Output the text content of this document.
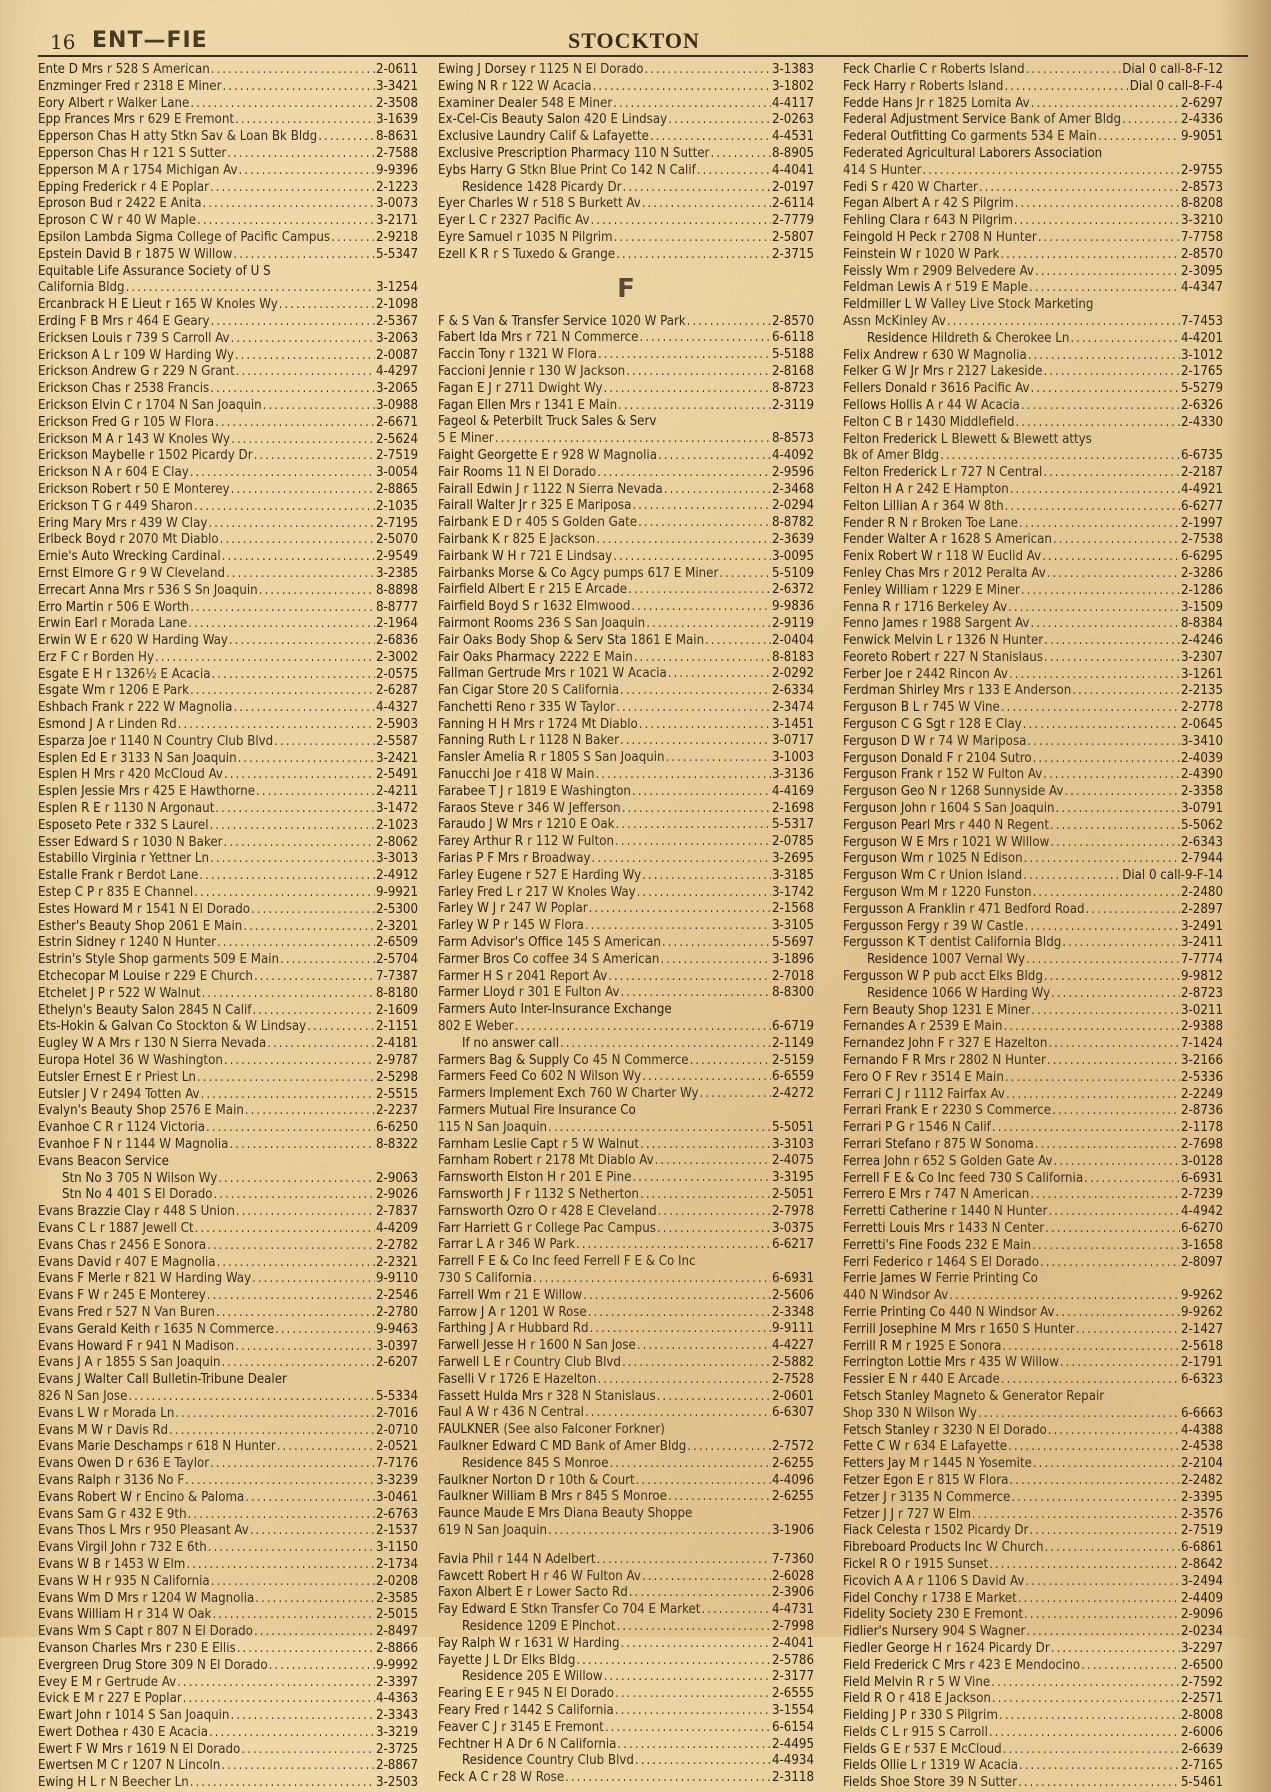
16 ENT—FIE	STOCKTON
Ente D Mrs r 528 S American .....	2-0611
Enzminger Fred r 2318 E Miner .....	3-3421
Eory Albert r Walker Lane .....	2-3508
Epp Frances Mrs r 629 E Fremont .....	3-1639
Epperson Chas H atty Stkn Sav & Loan Bk Bldg .....	8-8631
Epperson Chas H r 121 S Sutter .....	2-7588
Epperson M A r 1754 Michigan Av .....	9-9396
Epping Frederick r 4 E Poplar .....	2-1223
Eproson Bud r 2422 E Anita .....	3-0073
Eproson C W r 40 W Maple .....	3-2171
Epsilon Lambda Sigma College of Pacific Campus .....	2-9218
Epstein David B r 1875 W Willow .....	5-5347
Equitable Life Assurance Society of U S
California Bldg .....	3-1254
Ercanbrack H E Lieut r 165 W Knoles Wy .....	2-1098
Erding F B Mrs r 464 E Geary .....	2-5367
Ericksen Louis r 739 S Carroll Av .....	3-2063
Erickson A L r 109 W Harding Wy .....	2-0087
Erickson Andrew G r 229 N Grant .....	4-4297
Erickson Chas r 2538 Francis .....	3-2065
Erickson Elvin C r 1704 N San Joaquin .....	3-0988
Erickson Fred G r 105 W Flora .....	2-6671
Erickson M A r 143 W Knoles Wy .....	2-5624
Erickson Maybelle r 1502 Picardy Dr .....	2-7519
Erickson N A r 604 E Clay .....	3-0054
Erickson Robert r 50 E Monterey .....	2-8865
Erickson T G r 449 Sharon .....	2-1035
Ering Mary Mrs r 439 W Clay .....	2-7195
Erlbeck Boyd r 2070 Mt Diablo .....	2-5070
Ernie's Auto Wrecking Cardinal .....	2-9549
Ernst Elmore G r 9 W Cleveland .....	3-2385
Errecart Anna Mrs r 536 S Sn Joaquin .....	8-8898
Erro Martin r 506 E Worth .....	8-8777
Erwin Earl r Morada Lane .....	2-1964
Erwin W E r 620 W Harding Way .....	2-6836
Erz F C r Borden Hy .....	2-3002
Esgate E H r 1326½ E Acacia .....	2-0575
Esgate Wm r 1206 E Park .....	2-6287
Eshbach Frank r 222 W Magnolia .....	4-4327
Esmond J A r Linden Rd .....	2-5903
Esparza Joe r 1140 N Country Club Blvd .....	2-5587
Esplen Ed E r 3133 N San Joaquin .....	3-2421
Esplen H Mrs r 420 McCloud Av .....	2-5491
Esplen Jessie Mrs r 425 E Hawthorne .....	2-4211
Esplen R E r 1130 N Argonaut .....	3-1472
Esposeto Pete r 332 S Laurel .....	2-1023
Esser Edward S r 1030 N Baker .....	2-8062
Estabillo Virginia r Yettner Ln .....	3-3013
Estalle Frank r Berdot Lane .....	2-4912
Estep C P r 835 E Channel .....	9-9921
Estes Howard M r 1541 N El Dorado .....	2-5300
Esther's Beauty Shop 2061 E Main .....	2-3201
Estrin Sidney r 1240 N Hunter .....	2-6509
Estrin's Style Shop garments 509 E Main .....	2-5704
Etchecopar M Louise r 229 E Church .....	7-7387
Etchelet J P r 522 W Walnut .....	8-8180
Ethelyn's Beauty Salon 2845 N Calif .....	2-1609
Ets-Hokin & Galvan Co Stockton & W Lindsay .....	2-1151
Eugley W A Mrs r 130 N Sierra Nevada .....	2-4181
Europa Hotel 36 W Washington .....	2-9787
Eutsler Ernest E r Priest Ln .....	2-5298
Eutsler J V r 2494 Totten Av .....	2-5515
Evalyn's Beauty Shop 2576 E Main .....	2-2237
Evanhoe C R r 1124 Victoria .....	6-6250
Evanhoe F N r 1144 W Magnolia .....	8-8322
Evans Beacon Service
Stn No 3 705 N Wilson Wy .....	2-9063
Stn No 4 401 S El Dorado .....	2-9026
Evans Brazzie Clay r 448 S Union .....	2-7837
Evans C L r 1887 Jewell Ct .....	4-4209
Evans Chas r 2456 E Sonora .....	2-2782
Evans David r 407 E Magnolia .....	2-2321
Evans F Merle r 821 W Harding Way .....	9-9110
Evans F W r 245 E Monterey .....	2-2546
Evans Fred r 527 N Van Buren .....	2-2780
Evans Gerald Keith r 1635 N Commerce .....	9-9463
Evans Howard F r 941 N Madison .....	3-0397
Evans J A r 1855 S San Joaquin .....	2-6207
Evans J Walter Call Bulletin-Tribune Dealer
826 N San Jose .....	5-5334
Evans L W r Morada Ln .....	2-7016
Evans M W r Davis Rd .....	2-0710
Evans Marie Deschamps r 618 N Hunter .....	2-0521
Evans Owen D r 636 E Taylor .....	7-7176
Evans Ralph r 3136 No F .....	3-3239
Evans Robert W r Encino & Paloma .....	3-0461
Evans Sam G r 432 E 9th .....	2-6763
Evans Thos L Mrs r 950 Pleasant Av .....	2-1537
Evans Virgil John r 732 E 6th .....	3-1150
Evans W B r 1453 W Elm .....	2-1734
Evans W H r 935 N California .....	2-0208
Evans Wm D Mrs r 1204 W Magnolia .....	2-3585
Evans William H r 314 W Oak .....	2-5015
Evans Wm S Capt r 807 N El Dorado .....	2-8497
Evanson Charles Mrs r 230 E Ellis .....	2-8866
Evergreen Drug Store 309 N El Dorado .....	9-9992
Evey E M r Gertrude Av .....	2-3397
Evick E M r 227 E Poplar .....	4-4363
Ewart John r 1014 S San Joaquin .....	2-3343
Ewert Dothea r 430 E Acacia .....	3-3219
Ewert F W Mrs r 1619 N El Dorado .....	2-3725
Ewertsen M C r 1207 N Lincoln .....	2-8867
Ewing H L r N Beecher Ln .....	3-2503
Ewing J Dorsey r 1125 N El Dorado .....	3-1383
Ewing N R r 122 W Acacia .....	3-1802
Examiner Dealer 548 E Miner .....	4-4117
Ex-Cel-Cis Beauty Salon 420 E Lindsay .....	2-0263
Exclusive Laundry Calif & Lafayette .....	4-4531
Exclusive Prescription Pharmacy 110 N Sutter .....	8-8905
Eybs Harry G Stkn Blue Print Co 142 N Calif .....	4-4041
Residence 1428 Picardy Dr .....	2-0197
Eyer Charles W r 518 S Burkett Av .....	2-6114
Eyer L C r 2327 Pacific Av .....	2-7779
Eyre Samuel r 1035 N Pilgrim .....	2-5807
Ezell K R r S Tuxedo & Grange .....	2-3715
F
F & S Van & Transfer Service 1020 W Park .....	2-8570
Fabert Ida Mrs r 721 N Commerce .....	6-6118
Faccin Tony r 1321 W Flora .....	5-5188
Faccioni Jennie r 130 W Jackson .....	2-8168
Fagan E J r 2711 Dwight Wy .....	8-8723
Fagan Ellen Mrs r 1341 E Main .....	2-3119
Fageol & Peterbilt Truck Sales & Serv
5 E Miner .....	8-8573
Faight Georgette E r 928 W Magnolia .....	4-4092
Fair Rooms 11 N El Dorado .....	2-9596
Fairall Edwin J r 1122 N Sierra Nevada .....	2-3468
Fairall Walter Jr r 325 E Mariposa .....	2-0294
Fairbank E D r 405 S Golden Gate .....	8-8782
Fairbank K r 825 E Jackson .....	2-3639
Fairbank W H r 721 E Lindsay .....	3-0095
Fairbanks Morse & Co Agcy pumps 617 E Miner .....	5-5109
Fairfield Albert E r 215 E Arcade .....	2-6372
Fairfield Boyd S r 1632 Elmwood .....	9-9836
Fairmont Rooms 236 S San Joaquin .....	2-9119
Fair Oaks Body Shop & Serv Sta 1861 E Main .....	2-0404
Fair Oaks Pharmacy 2222 E Main .....	8-8183
Fallman Gertrude Mrs r 1021 W Acacia .....	2-0292
Fan Cigar Store 20 S California .....	2-6334
Fanchetti Reno r 335 W Taylor .....	2-3474
Fanning H H Mrs r 1724 Mt Diablo .....	3-1451
Fanning Ruth L r 1128 N Baker .....	3-0717
Fansler Amelia R r 1805 S San Joaquin .....	3-1003
Fanucchi Joe r 418 W Main .....	3-3136
Farabee T J r 1819 E Washington .....	4-4169
Faraos Steve r 346 W Jefferson .....	2-1698
Faraudo J W Mrs r 1210 E Oak .....	5-5317
Farey Arthur R r 112 W Fulton .....	2-0785
Farias P F Mrs r Broadway .....	3-2695
Farley Eugene r 527 E Harding Wy .....	3-3185
Farley Fred L r 217 W Knoles Way .....	3-1742
Farley W J r 247 W Poplar .....	2-1568
Farley W P r 145 W Flora .....	3-3105
Farm Advisor's Office 145 S American .....	5-5697
Farmer Bros Co coffee 34 S American .....	3-1896
Farmer H S r 2041 Report Av .....	2-7018
Farmer Lloyd r 301 E Fulton Av .....	8-8300
Farmers Auto Inter-Insurance Exchange
802 E Weber .....	6-6719
If no answer call .....	2-1149
Farmers Bag & Supply Co 45 N Commerce .....	2-5159
Farmers Feed Co 602 N Wilson Wy .....	6-6559
Farmers Implement Exch 760 W Charter Wy .....	2-4272
Farmers Mutual Fire Insurance Co
115 N San Joaquin .....	5-5051
Farnham Leslie Capt r 5 W Walnut .....	3-3103
Farnham Robert r 2178 Mt Diablo Av .....	2-4075
Farnsworth Elston H r 201 E Pine .....	3-3195
Farnsworth J F r 1132 S Netherton .....	2-5051
Farnsworth Ozro O r 428 E Cleveland .....	2-7978
Farr Harriett G r College Pac Campus .....	3-0375
Farrar L A r 346 W Park .....	6-6217
Farrell F E & Co Inc feed Ferrell F E & Co Inc
730 S California .....	6-6931
Farrell Wm r 21 E Willow .....	2-5606
Farrow J A r 1201 W Rose .....	2-3348
Farthing J A r Hubbard Rd .....	9-9111
Farwell Jesse H r 1600 N San Jose .....	4-4227
Farwell L E r Country Club Blvd .....	2-5882
Faselli V r 1726 E Hazelton .....	2-7528
Fassett Hulda Mrs r 328 N Stanislaus .....	2-0601
Faul A W r 436 N Central .....	6-6307
FAULKNER (See also Falconer Forkner)
Faulkner Edward C MD Bank of Amer Bldg .....	2-7572
Residence 845 S Monroe .....	2-6255
Faulkner Norton D r 10th & Court .....	4-4096
Faulkner William B Mrs r 845 S Monroe .....	2-6255
Faunce Maude E Mrs Diana Beauty Shoppe
619 N San Joaquin .....	3-1906
Favia Phil r 144 N Adelbert .....	7-7360
Fawcett Robert H r 46 W Fulton Av .....	2-6028
Faxon Albert E r Lower Sacto Rd .....	2-3906
Fay Edward E Stkn Transfer Co 704 E Market .....	4-4731
Residence 1209 E Pinchot .....	2-7998
Fay Ralph W r 1631 W Harding .....	2-4041
Fayette J L Dr Elks Bldg .....	2-5786
Residence 205 E Willow .....	2-3177
Fearing E E r 945 N El Dorado .....	2-6555
Feary Fred r 1442 S California .....	3-1554
Feaver C J r 3145 E Fremont .....	6-6154
Fechtner H A Dr 6 N California .....	2-4495
Residence Country Club Blvd .....	4-4934
Feck A C r 28 W Rose .....	2-3118
Feck Charlie C r Roberts Island .....	Dial 0 call-8-F-12
Feck Harry r Roberts Island .....	Dial 0 call-8-F-4
Fedde Hans Jr r 1825 Lomita Av .....	2-6297
Federal Adjustment Service Bank of Amer Bldg .....	2-4336
Federal Outfitting Co garments 534 E Main .....	9-9051
Federated Agricultural Laborers Association
414 S Hunter .....	2-9755
Fedi S r 420 W Charter .....	2-8573
Fegan Albert A r 42 S Pilgrim .....	8-8208
Fehling Clara r 643 N Pilgrim .....	3-3210
Feingold H Peck r 2708 N Hunter .....	7-7758
Feinstein W r 1020 W Park .....	2-8570
Feissly Wm r 2909 Belvedere Av .....	2-3095
Feldman Lewis A r 519 E Maple .....	4-4347
Feldmiller L W Valley Live Stock Marketing
Assn McKinley Av .....	7-7453
Residence Hildreth & Cherokee Ln .....	4-4201
Felix Andrew r 630 W Magnolia .....	3-1012
Felker G W Jr Mrs r 2127 Lakeside .....	2-1765
Fellers Donald r 3616 Pacific Av .....	5-5279
Fellows Hollis A r 44 W Acacia .....	2-6326
Felton C B r 1430 Middlefield .....	2-4330
Felton Frederick L Blewett & Blewett attys
Bk of Amer Bldg .....	6-6735
Felton Frederick L r 727 N Central .....	2-2187
Felton H A r 242 E Hampton .....	4-4921
Felton Lillian A r 364 W 8th .....	6-6277
Fender R N r Broken Toe Lane .....	2-1997
Fender Walter A r 1628 S American .....	2-7538
Fenix Robert W r 118 W Euclid Av .....	6-6295
Fenley Chas Mrs r 2012 Peralta Av .....	2-3286
Fenley William r 1229 E Miner .....	2-1286
Fenna R r 1716 Berkeley Av .....	3-1509
Fenno James r 1988 Sargent Av .....	8-8384
Fenwick Melvin L r 1326 N Hunter .....	2-4246
Feoreto Robert r 227 N Stanislaus .....	3-2307
Ferber Joe r 2442 Rincon Av .....	3-1261
Ferdman Shirley Mrs r 133 E Anderson .....	2-2135
Ferguson B L r 745 W Vine .....	2-2778
Ferguson C G Sgt r 128 E Clay .....	2-0645
Ferguson D W r 74 W Mariposa .....	3-3410
Ferguson Donald F r 2104 Sutro .....	2-4039
Ferguson Frank r 152 W Fulton Av .....	2-4390
Ferguson Geo N r 1268 Sunnyside Av .....	2-3358
Ferguson John r 1604 S San Joaquin .....	3-0791
Ferguson Pearl Mrs r 440 N Regent .....	5-5062
Ferguson W E Mrs r 1021 W Willow .....	2-6343
Ferguson Wm r 1025 N Edison .....	2-7944
Ferguson Wm C r Union Island .....	Dial 0 call-9-F-14
Ferguson Wm M r 1220 Funston .....	2-2480
Fergusson A Franklin r 471 Bedford Road .....	2-2897
Fergusson Fergy r 39 W Castle .....	3-2491
Fergusson K T dentist California Bldg .....	3-2411
Residence 1007 Vernal Wy .....	7-7774
Fergusson W P pub acct Elks Bldg .....	9-9812
Residence 1066 W Harding Wy .....	2-8723
Fern Beauty Shop 1231 E Miner .....	3-0211
Fernandes A r 2539 E Main .....	2-9388
Fernandez John F r 327 E Hazelton .....	7-1424
Fernando F R Mrs r 2802 N Hunter .....	3-2166
Fero O F Rev r 3514 E Main .....	2-5336
Ferrari C J r 1112 Fairfax Av .....	2-2249
Ferrari Frank E r 2230 S Commerce .....	2-8736
Ferrari P G r 1546 N Calif .....	2-1178
Ferrari Stefano r 875 W Sonoma .....	2-7698
Ferrea John r 652 S Golden Gate Av .....	3-0128
Ferrell F E & Co Inc feed 730 S California .....	6-6931
Ferrero E Mrs r 747 N American .....	2-7239
Ferretti Catherine r 1440 N Hunter .....	4-4942
Ferretti Louis Mrs r 1433 N Center .....	6-6270
Ferretti's Fine Foods 232 E Main .....	3-1658
Ferri Federico r 1464 S El Dorado .....	2-8097
Ferrie James W Ferrie Printing Co
440 N Windsor Av .....	9-9262
Ferrie Printing Co 440 N Windsor Av .....	9-9262
Ferrill Josephine M Mrs r 1650 S Hunter .....	2-1427
Ferrill R M r 1925 E Sonora .....	2-5618
Ferrington Lottie Mrs r 435 W Willow .....	2-1791
Fessier E N r 440 E Arcade .....	6-6323
Fetsch Stanley Magneto & Generator Repair
Shop 330 N Wilson Wy .....	6-6663
Fetsch Stanley r 3230 N El Dorado .....	4-4388
Fette C W r 634 E Lafayette .....	2-4538
Fetters Jay M r 1445 N Yosemite .....	2-2104
Fetzer Egon E r 815 W Flora .....	2-2482
Fetzer J r 3135 N Commerce .....	2-3395
Fetzer J J r 727 W Elm .....	2-3576
Fiack Celesta r 1502 Picardy Dr .....	2-7519
Fibreboard Products Inc W Church .....	6-6861
Fickel R O r 1915 Sunset .....	2-8642
Ficovich A A r 1106 S David Av .....	3-2494
Fidel Conchy r 1738 E Market .....	2-4409
Fidelity Society 230 E Fremont .....	2-9096
Fidlier's Nursery 904 S Wagner .....	2-0234
Fiedler George H r 1624 Picardy Dr .....	3-2297
Field Frederick C Mrs r 423 E Mendocino .....	2-6500
Field Melvin R r 5 W Vine .....	2-7592
Field R O r 418 E Jackson .....	2-2571
Fielding J P r 330 S Pilgrim .....	2-8008
Fields C L r 915 S Carroll .....	2-6006
Fields G E r 537 E McCloud .....	2-6639
Fields Ollie L r 1319 W Acacia .....	2-7165
Fields Shoe Store 39 N Sutter .....	5-5461
